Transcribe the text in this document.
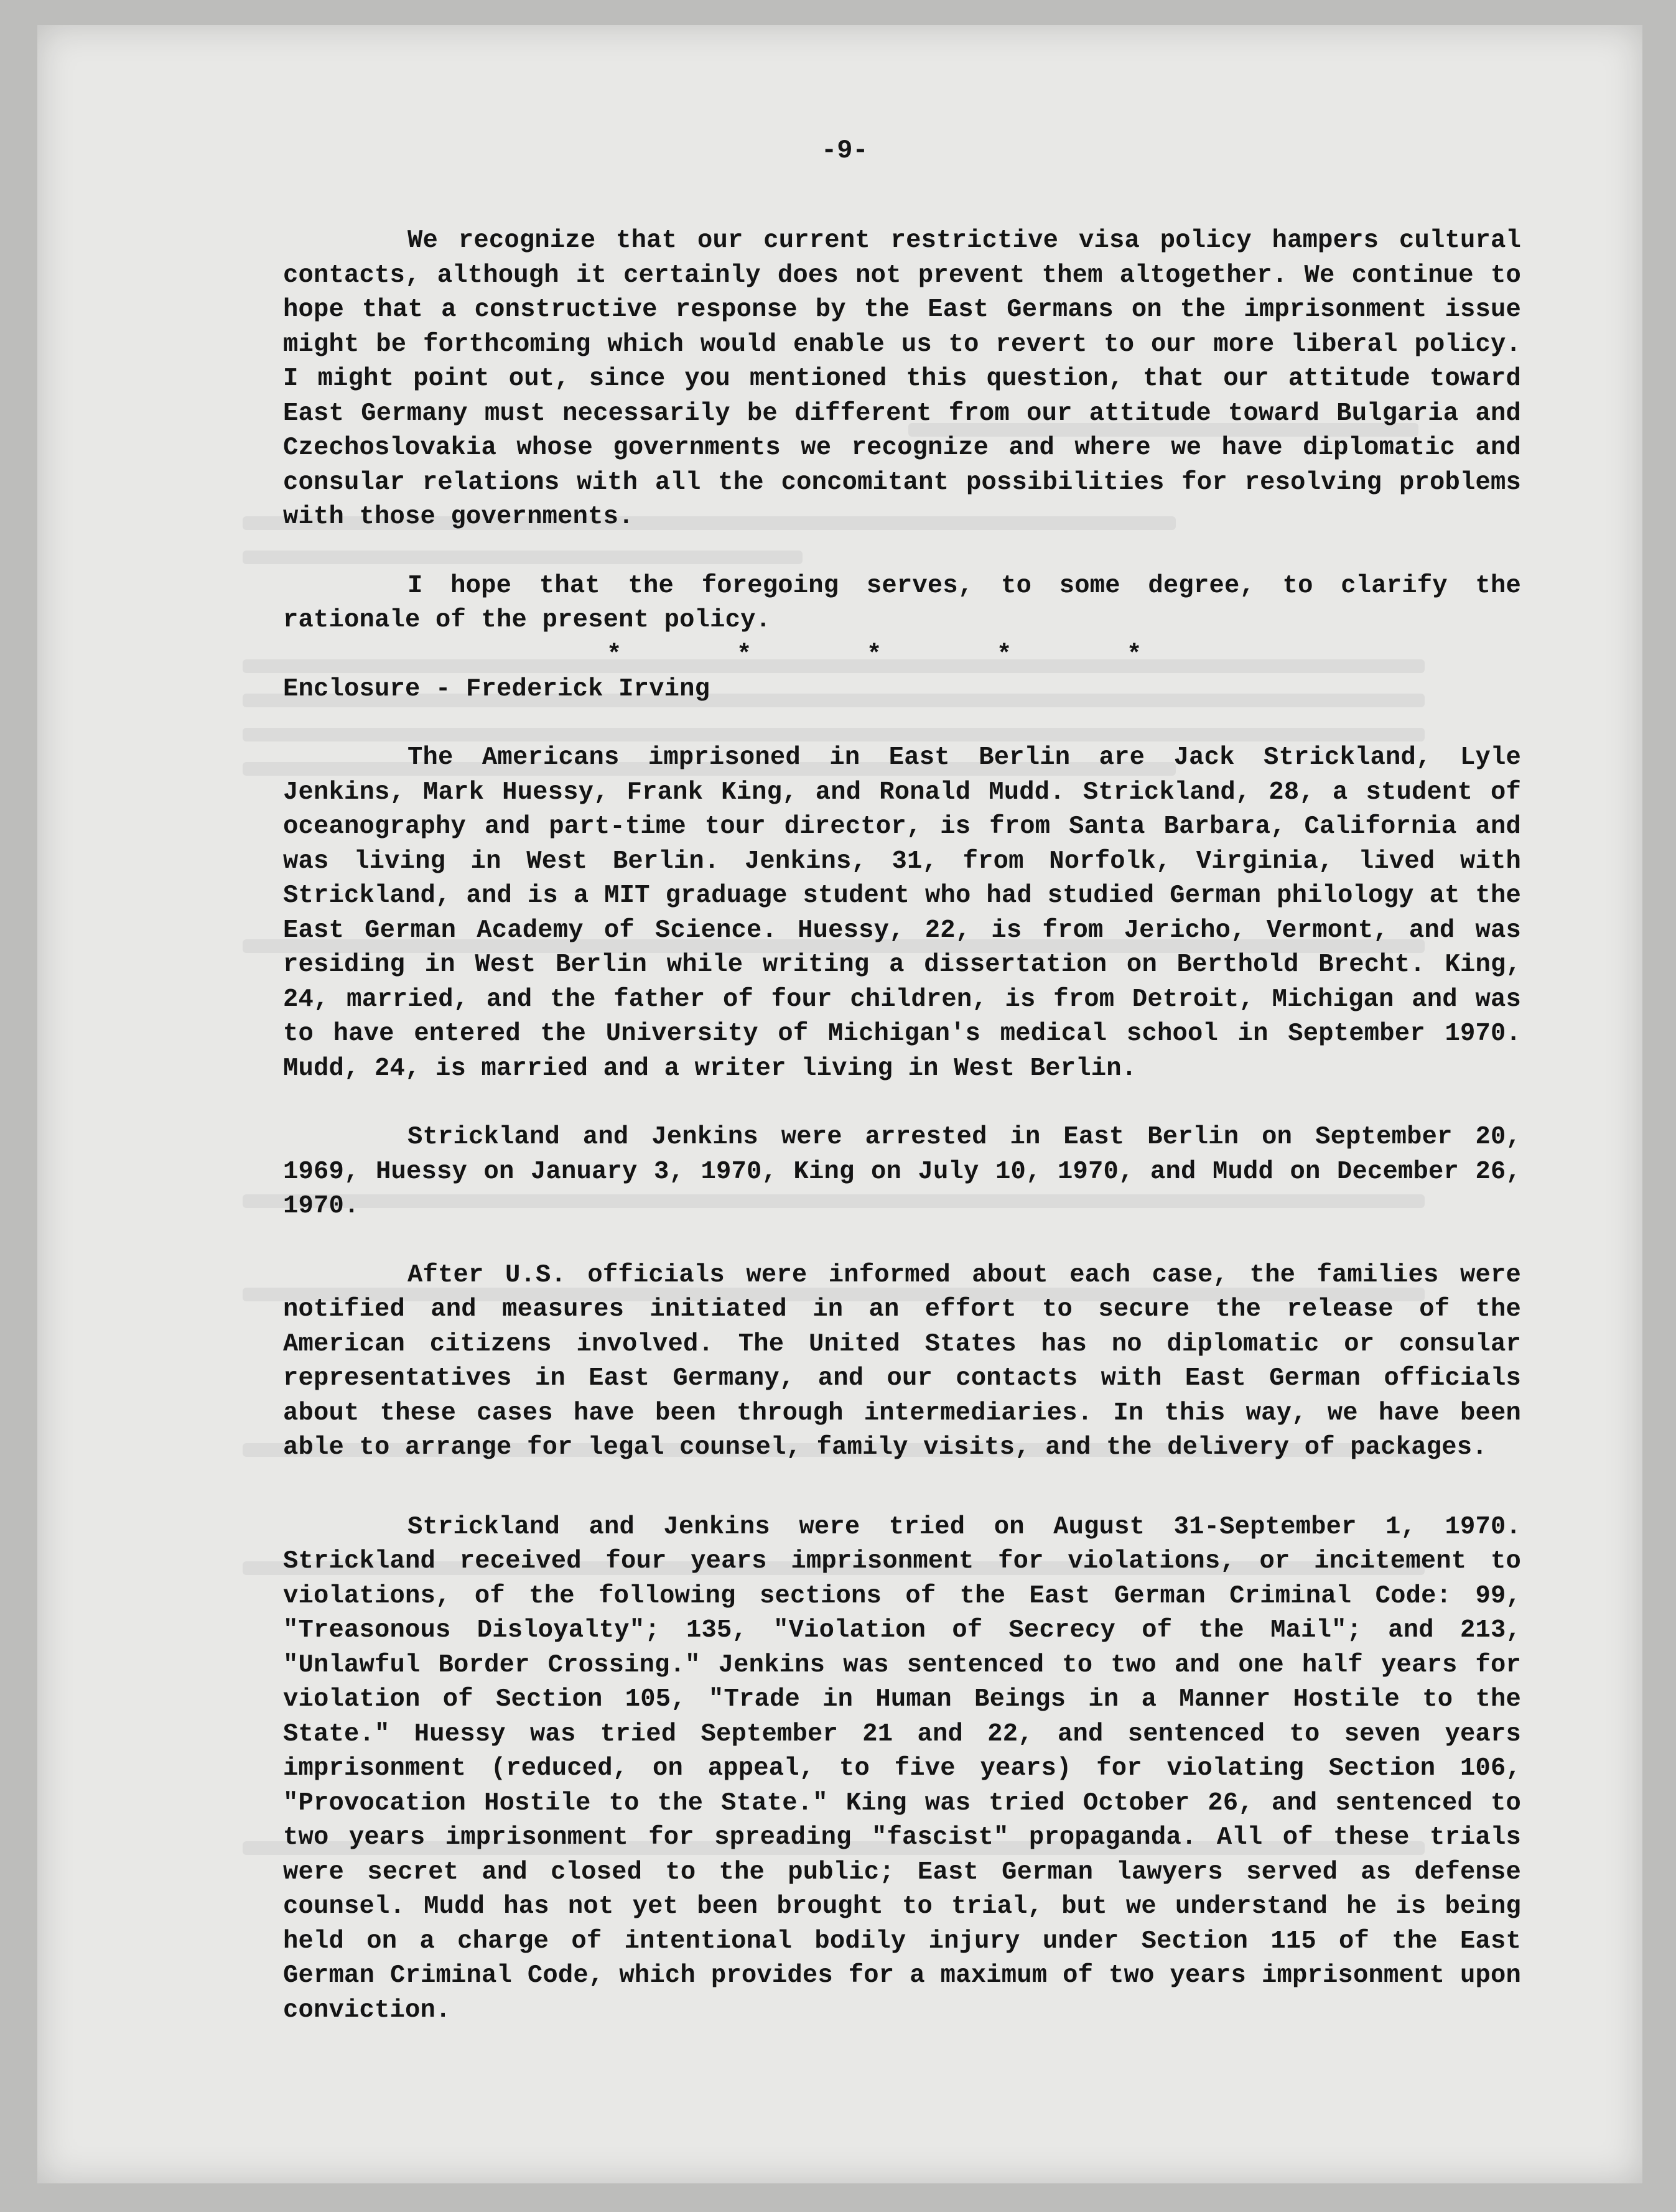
-9-

We recognize that our current restrictive visa policy hampers cultural contacts, although it certainly does not prevent them altogether. We continue to hope that a constructive response by the East Germans on the imprisonment issue might be forthcoming which would enable us to revert to our more liberal policy. I might point out, since you mentioned this question, that our attitude toward East Germany must necessarily be different from our attitude toward Bulgaria and Czechoslovakia whose governments we recognize and where we have diplomatic and consular relations with all the concomitant possibilities for resolving problems with those governments.

I hope that the foregoing serves, to some degree, to clarify the rationale of the present policy.

* * * * *

Enclosure - Frederick Irving

The Americans imprisoned in East Berlin are Jack Strickland, Lyle Jenkins, Mark Huessy, Frank King, and Ronald Mudd. Strickland, 28, a student of oceanography and part-time tour director, is from Santa Barbara, California and was living in West Berlin. Jenkins, 31, from Norfolk, Virginia, lived with Strickland, and is a MIT graduage student who had studied German philology at the East German Academy of Science. Huessy, 22, is from Jericho, Vermont, and was residing in West Berlin while writing a dissertation on Berthold Brecht. King, 24, married, and the father of four children, is from Detroit, Michigan and was to have entered the University of Michigan's medical school in September 1970. Mudd, 24, is married and a writer living in West Berlin.

Strickland and Jenkins were arrested in East Berlin on September 20, 1969, Huessy on January 3, 1970, King on July 10, 1970, and Mudd on December 26, 1970.

After U.S. officials were informed about each case, the families were notified and measures initiated in an effort to secure the release of the American citizens involved. The United States has no diplomatic or consular representatives in East Germany, and our contacts with East German officials about these cases have been through intermediaries. In this way, we have been able to arrange for legal counsel, family visits, and the delivery of packages.

Strickland and Jenkins were tried on August 31-September 1, 1970. Strickland received four years imprisonment for violations, or incitement to violations, of the following sections of the East German Criminal Code: 99, "Treasonous Disloyalty"; 135, "Violation of Secrecy of the Mail"; and 213, "Unlawful Border Crossing." Jenkins was sentenced to two and one half years for violation of Section 105, "Trade in Human Beings in a Manner Hostile to the State." Huessy was tried September 21 and 22, and sentenced to seven years imprisonment (reduced, on appeal, to five years) for violating Section 106, "Provocation Hostile to the State." King was tried October 26, and sentenced to two years imprisonment for spreading "fascist" propaganda. All of these trials were secret and closed to the public; East German lawyers served as defense counsel. Mudd has not yet been brought to trial, but we understand he is being held on a charge of intentional bodily injury under Section 115 of the East German Criminal Code, which provides for a maximum of two years imprisonment upon conviction.
